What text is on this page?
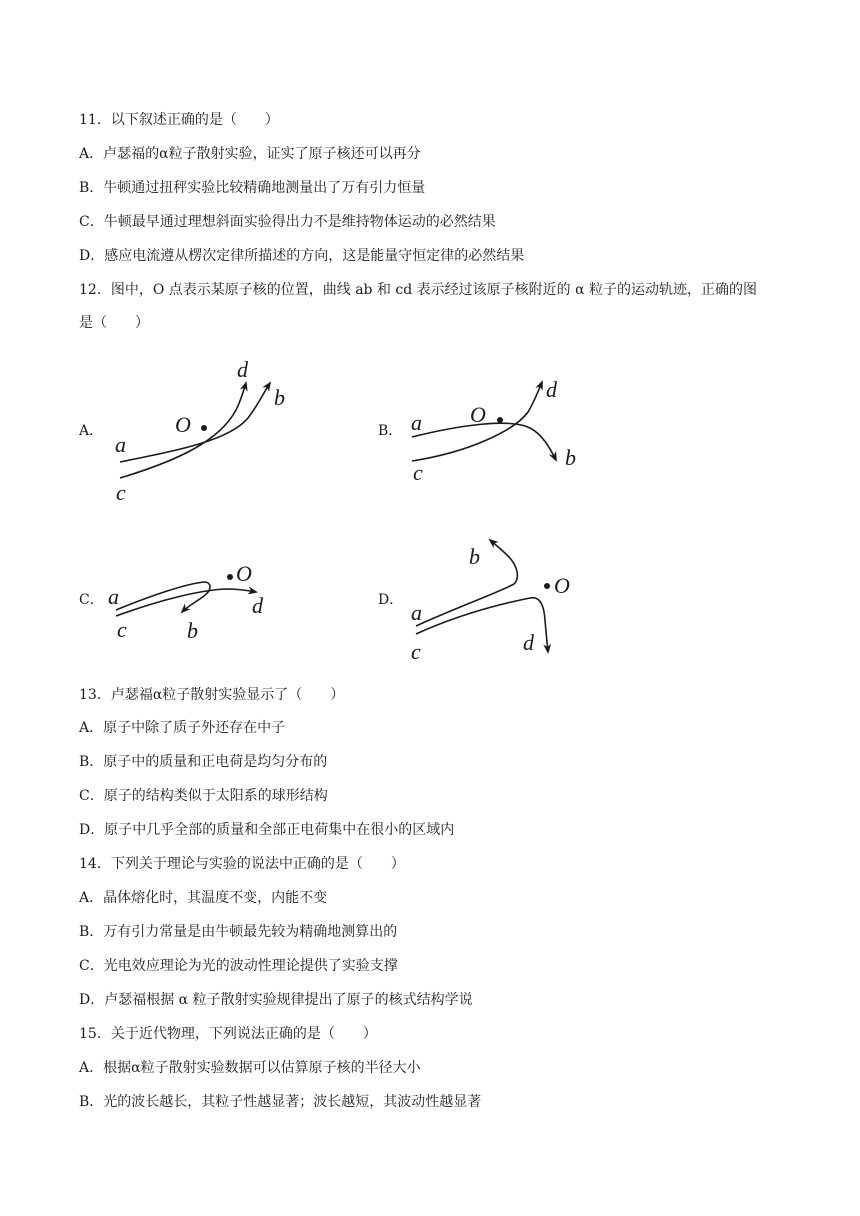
11．以下叙述正确的是（　　）
A．卢瑟福的α粒子散射实验，证实了原子核还可以再分
B．牛顿通过扭秤实验比较精确地测量出了万有引力恒量
C．牛顿最早通过理想斜面实验得出力不是维持物体运动的必然结果
D．感应电流遵从楞次定律所描述的方向，这是能量守恒定律的必然结果
12．图中，O 点表示某原子核的位置，曲线 ab 和 cd 表示经过该原子核附近的 α 粒子的运动轨迹，正确的图
是（　　）
A．	B．
C．	D．
O
a
b
c
d
O
a
b
c
d
O
a
b
c
d
O
a
b
c	d
13．卢瑟福α粒子散射实验显示了（　　）
A．原子中除了质子外还存在中子
B．原子中的质量和正电荷是均匀分布的
C．原子的结构类似于太阳系的球形结构
D．原子中几乎全部的质量和全部正电荷集中在很小的区域内
14．下列关于理论与实验的说法中正确的是（　　）
A．晶体熔化时，其温度不变，内能不变
B．万有引力常量是由牛顿最先较为精确地测算出的
C．光电效应理论为光的波动性理论提供了实验支撑
D．卢瑟福根据 α 粒子散射实验规律提出了原子的核式结构学说
15．关于近代物理，下列说法正确的是（　　）
A．根据α粒子散射实验数据可以估算原子核的半径大小
B．光的波长越长，其粒子性越显著；波长越短，其波动性越显著
